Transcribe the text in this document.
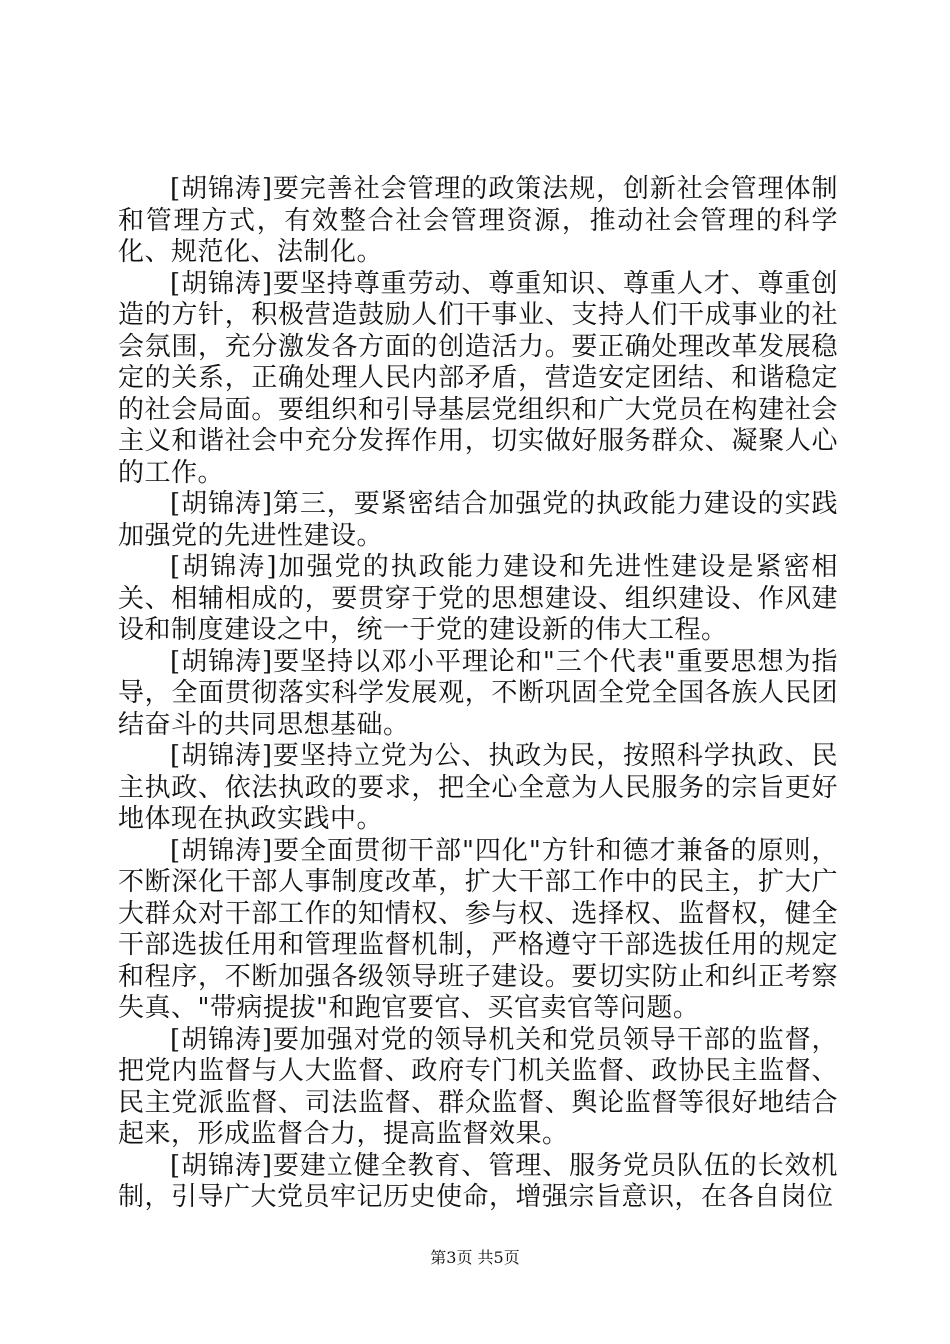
[胡锦涛]要完善社会管理的政策法规，创新社会管理体制和管理方式，有效整合社会管理资源，推动社会管理的科学化、规范化、法制化。

[胡锦涛]要坚持尊重劳动、尊重知识、尊重人才、尊重创造的方针，积极营造鼓励人们干事业、支持人们干成事业的社会氛围，充分激发各方面的创造活力。要正确处理改革发展稳定的关系，正确处理人民内部矛盾，营造安定团结、和谐稳定的社会局面。要组织和引导基层党组织和广大党员在构建社会主义和谐社会中充分发挥作用，切实做好服务群众、凝聚人心的工作。

[胡锦涛]第三，要紧密结合加强党的执政能力建设的实践加强党的先进性建设。

[胡锦涛]加强党的执政能力建设和先进性建设是紧密相关、相辅相成的，要贯穿于党的思想建设、组织建设、作风建设和制度建设之中，统一于党的建设新的伟大工程。

[胡锦涛]要坚持以邓小平理论和"三个代表"重要思想为指导，全面贯彻落实科学发展观，不断巩固全党全国各族人民团结奋斗的共同思想基础。

[胡锦涛]要坚持立党为公、执政为民，按照科学执政、民主执政、依法执政的要求，把全心全意为人民服务的宗旨更好地体现在执政实践中。

[胡锦涛]要全面贯彻干部"四化"方针和德才兼备的原则，不断深化干部人事制度改革，扩大干部工作中的民主，扩大广大群众对干部工作的知情权、参与权、选择权、监督权，健全干部选拔任用和管理监督机制，严格遵守干部选拔任用的规定和程序，不断加强各级领导班子建设。要切实防止和纠正考察失真、"带病提拔"和跑官要官、买官卖官等问题。

[胡锦涛]要加强对党的领导机关和党员领导干部的监督，把党内监督与人大监督、政府专门机关监督、政协民主监督、民主党派监督、司法监督、群众监督、舆论监督等很好地结合起来，形成监督合力，提高监督效果。

[胡锦涛]要建立健全教育、管理、服务党员队伍的长效机制，引导广大党员牢记历史使命，增强宗旨意识，在各自岗位

第3页 共5页
